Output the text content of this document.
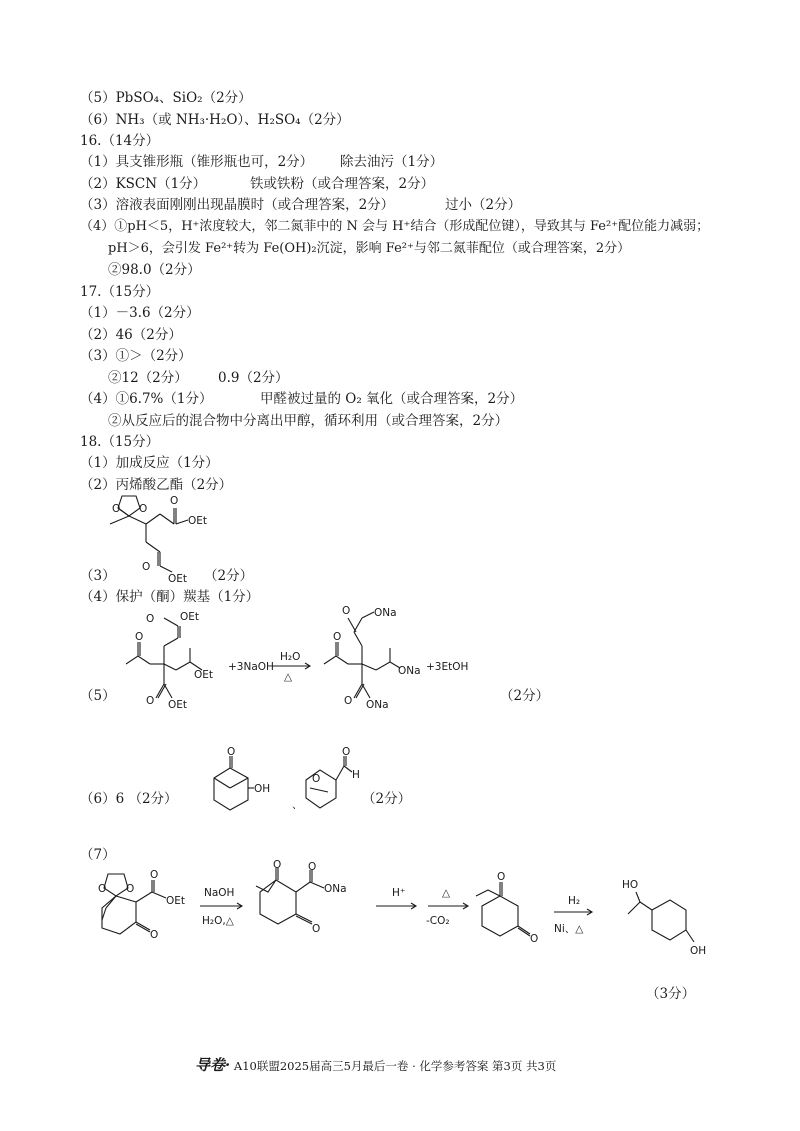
（5）PbSO₄、SiO₂（2分）
（6）NH₃（或 NH₃·H₂O）、H₂SO₄（2分）
16.（14分）
（1）具支锥形瓶（锥形瓶也可，2分） 除去油污（1分）
（2）KSCN（1分）	铁或铁粉（或合理答案，2分）
（3）溶液表面刚刚出现晶膜时（或合理答案，2分）	过小（2分）
（4）①pH＜5，H⁺浓度较大，邻二氮菲中的 N 会与 H⁺结合（形成配位键），导致其与 Fe²⁺配位能力减弱；
pH＞6，会引发 Fe²⁺转为 Fe(OH)₂沉淀，影响 Fe²⁺与邻二氮菲配位（或合理答案，2分）
②98.0（2分）
17.（15分）
（1）－3.6（2分）
（2）46（2分）
（3）①＞（2分）
②12（2分） 0.9（2分）
（4）①6.7%（1分）	甲醛被过量的 O₂ 氧化（或合理答案，2分）
②从反应后的混合物中分离出甲醇，循环利用（或合理答案，2分）
18.（15分）
（1）加成反应（1分）
（2）丙烯酸乙酯（2分）
O O
O
OEt
O
OEt
（3）	（2分）
（4）保护（酮）羰基（1分）
（5）
O
O OEt
OEt
O OEt
+3NaOH
H₂O
△
O
O ONa
ONa
O ONa
+3EtOH
（2分）
（6）6 （2分）
O
OH
、
O
O
H
（2分）
（7）
O O
O
OEt
O
NaOH
H₂O,△
O	O
ONa
O
H⁺	△
-CO₂
O
O
H₂
Ni、△
HO
OH
（3分）
导卷· A10联盟2025届高三5月最后一卷 · 化学参考答案 第3页 共3页
